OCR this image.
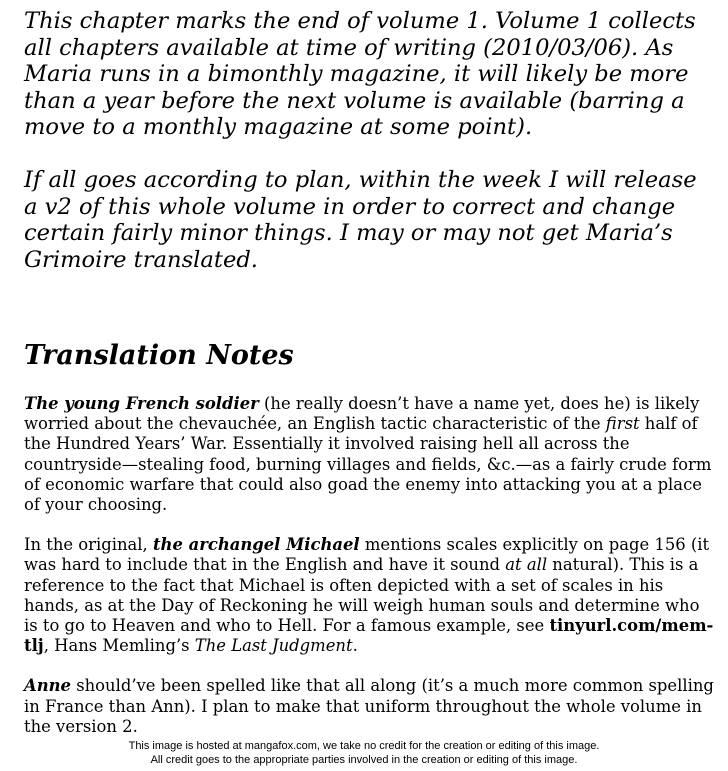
This chapter marks the end of volume 1. Volume 1 collects all chapters available at time of writing (2010/03/06). As Maria runs in a bimonthly magazine, it will likely be more than a year before the next volume is available (barring a move to a monthly magazine at some point).

If all goes according to plan, within the week I will release a v2 of this whole volume in order to correct and change certain fairly minor things. I may or may not get Maria’s Grimoire translated.

Translation Notes

The young French soldier (he really doesn’t have a name yet, does he) is likely worried about the chevauchée, an English tactic characteristic of the first half of the Hundred Years’ War. Essentially it involved raising hell all across the countryside—stealing food, burning villages and fields, &c.—as a fairly crude form of economic warfare that could also goad the enemy into attacking you at a place of your choosing.

In the original, the archangel Michael mentions scales explicitly on page 156 (it was hard to include that in the English and have it sound at all natural). This is a reference to the fact that Michael is often depicted with a set of scales in his hands, as at the Day of Reckoning he will weigh human souls and determine who is to go to Heaven and who to Hell. For a famous example, see tinyurl.com/mem-tlj, Hans Memling’s The Last Judgment.

Anne should’ve been spelled like that all along (it’s a much more common spelling in France than Ann). I plan to make that uniform throughout the whole volume in the version 2.

This image is hosted at mangafox.com, we take no credit for the creation or editing of this image.
All credit goes to the appropriate parties involved in the creation or editing of this image.
